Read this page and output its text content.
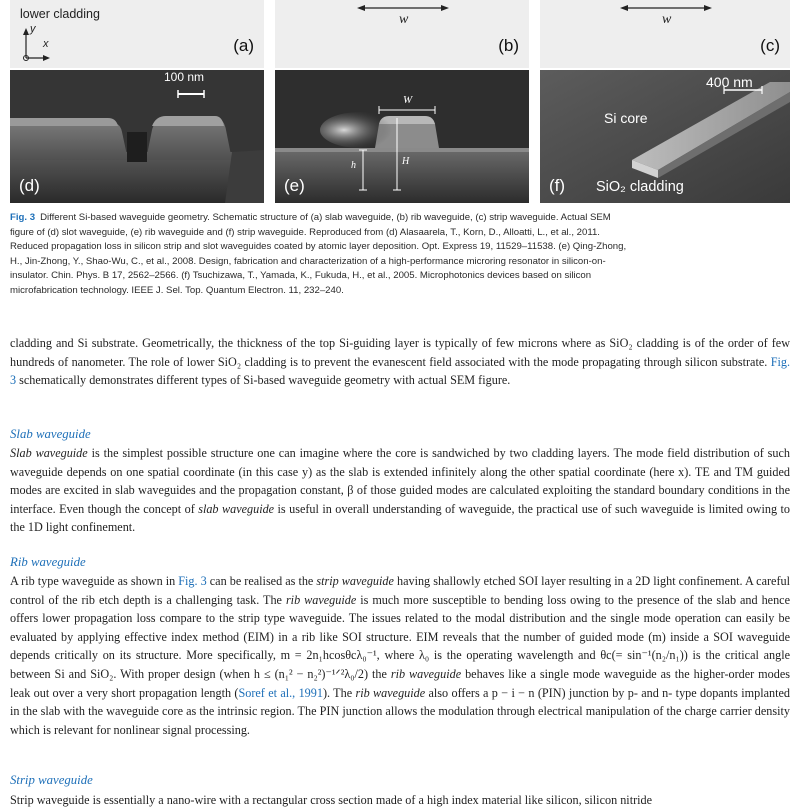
lower cladding
y
x	(a)
w
(b)
w
(c)
100 nm
(d)
W
h	H
(e)
400 nm
Si core
SiO₂ cladding
(f)
Fig. 3 Different Si-based waveguide geometry. Schematic structure of (a) slab waveguide, (b) rib waveguide, (c) strip waveguide. Actual SEM
figure of (d) slot waveguide, (e) rib waveguide and (f) strip waveguide. Reproduced from (d) Alasaarela, T., Korn, D., Alloatti, L., et al., 2011.
Reduced propagation loss in silicon strip and slot waveguides coated by atomic layer deposition. Opt. Express 19, 11529–11538. (e) Qing-Zhong,
H., Jin-Zhong, Y., Shao-Wu, C., et al., 2008. Design, fabrication and characterization of a high-performance microring resonator in silicon-on-
insulator. Chin. Phys. B 17, 2562–2566. (f) Tsuchizawa, T., Yamada, K., Fukuda, H., et al., 2005. Microphotonics devices based on silicon
microfabrication technology. IEEE J. Sel. Top. Quantum Electron. 11, 232–240.

cladding and Si substrate. Geometrically, the thickness of the top Si-guiding layer is typically of few microns where as SiO₂ cladding is of the order of few hundreds of nanometer. The role of lower SiO₂ cladding is to prevent the evanescent field associated with the mode propagating through silicon substrate. Fig. 3 schematically demonstrates different types of Si-based waveguide geometry with actual SEM figure.

Slab waveguide

Slab waveguide is the simplest possible structure one can imagine where the core is sandwiched by two cladding layers. The mode field distribution of such waveguide depends on one spatial coordinate (in this case y) as the slab is extended infinitely along the other spatial coordinate (here x). TE and TM guided modes are excited in slab waveguides and the propagation constant, β of those guided modes are calculated exploiting the standard boundary conditions in the interface. Even though the concept of slab waveguide is useful in overall understanding of waveguide, the practical use of such waveguide is limited owing to the 1D light confinement.

Rib waveguide

A rib type waveguide as shown in Fig. 3 can be realised as the strip waveguide having shallowly etched SOI layer resulting in a 2D light confinement. A careful control of the rib etch depth is a challenging task. The rib waveguide is much more susceptible to bending loss owing to the presence of the slab and hence offers lower propagation loss compare to the strip type waveguide. The issues related to the modal distribution and the single mode operation can easily be evaluated by applying effective index method (EIM) in a rib like SOI structure. EIM reveals that the number of guided mode (m) inside a SOI waveguide depends critically on its structure. More specifically, m = 2n₁hcosθcλ₀⁻¹, where λ₀ is the operating wavelength and θc(= sin⁻¹(n₂/n₁)) is the critical angle between Si and SiO₂. With proper design (when h ≤ (n₁² − n₂²)⁻¹ᐟ²λ₀/2) the rib waveguide behaves like a single mode waveguide as the higher-order modes leak out over a very short propagation length (Soref et al., 1991). The rib waveguide also offers a p − i − n (PIN) junction by p- and n- type dopants implanted in the slab with the waveguide core as the intrinsic region. The PIN junction allows the modulation through electrical manipulation of the charge carrier density which is relevant for nonlinear signal processing.

Strip waveguide

Strip waveguide is essentially a nano-wire with a rectangular cross section made of a high index material like silicon, silicon nitride
